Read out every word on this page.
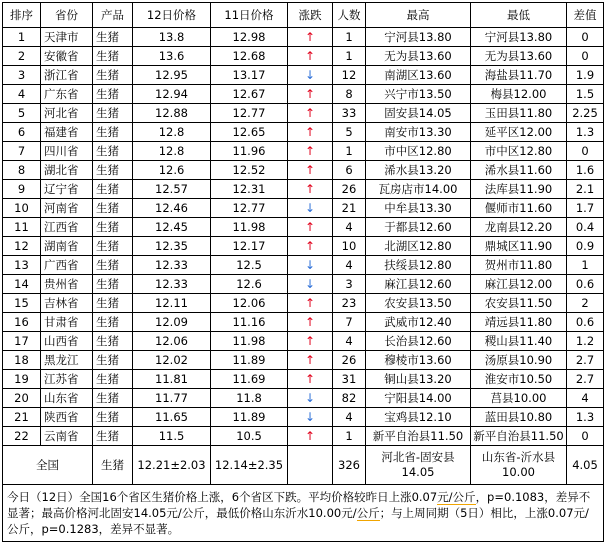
排序	省份	产品	12日价格	11日价格	涨跌	人数	最高	最低	差值
1	天津市	生猪	13.8	12.98	↑	1	宁河县13.80	宁河县13.80	0
2	安徽省	生猪	13.6	12.68	↑	1	无为县13.60	无为县13.60	0
3	浙江省	生猪	12.95	13.17	↓	12	南湖区13.60	海盐县11.70	1.9
4	广东省	生猪	12.94	12.67	↑	8	兴宁市13.50	梅县12.00	1.5
5	河北省	生猪	12.88	12.77	↑	33	固安县14.05	玉田县11.80	2.25
6	福建省	生猪	12.8	12.65	↑	5	南安市13.30	延平区12.00	1.3
7	四川省	生猪	12.8	11.96	↑	1	市中区12.80	市中区12.80	0
8	湖北省	生猪	12.6	12.52	↑	6	浠水县13.20	浠水县11.60	1.6
9	辽宁省	生猪	12.57	12.31	↑	26	瓦房店市14.00	法库县11.90	2.1
10	河南省	生猪	12.46	12.77	↓	21	中牟县13.30	偃师市11.60	1.7
11	江西省	生猪	12.45	11.98	↑	4	于都县12.60	龙南县12.20	0.4
12	湖南省	生猪	12.35	12.17	↑	10	北湖区12.80	鼎城区11.90	0.9
13	广西省	生猪	12.33	12.5	↓	4	扶绥县12.80	贺州市11.80	1
14	贵州省	生猪	12.33	12.6	↓	3	麻江县12.60	麻江县12.00	0.6
15	吉林省	生猪	12.11	12.06	↑	23	农安县13.50	农安县11.50	2
16	甘肃省	生猪	12.09	11.16	↑	7	武威市12.40	靖远县11.80	0.6
17	山西省	生猪	12.06	11.98	↑	4	长治县12.60	稷山县11.40	1.2
18	黑龙江	生猪	12.02	11.89	↑	26	穆棱市13.60	汤原县10.90	2.7
19	江苏省	生猪	11.81	11.69	↑	31	铜山县13.20	淮安市10.50	2.7
20	山东省	生猪	11.77	11.8	↓	82	宁阳县14.00	莒县10.00	4
21	陕西省	生猪	11.65	11.89	↓	4	宝鸡县12.10	蓝田县10.80	1.3
22	云南省	生猪	11.5	10.5	↑	1	新平自治县11.50	新平自治县11.50	0
全国		生猪	12.21±2.03	12.14±2.35		326	河北省-固安县14.05	山东省-沂水县10.00	4.05
今日（12日）全国16个省区生猪价格上涨，6个省区下跌。平均价格较昨日上涨0.07元/公斤，p=0.1083，差异不显著；最高价格河北固安14.05元/公斤，最低价格山东沂水10.00元/公斤；与上周同期（5日）相比，上涨0.07元/公斤，p=0.1283，差异不显著。									
